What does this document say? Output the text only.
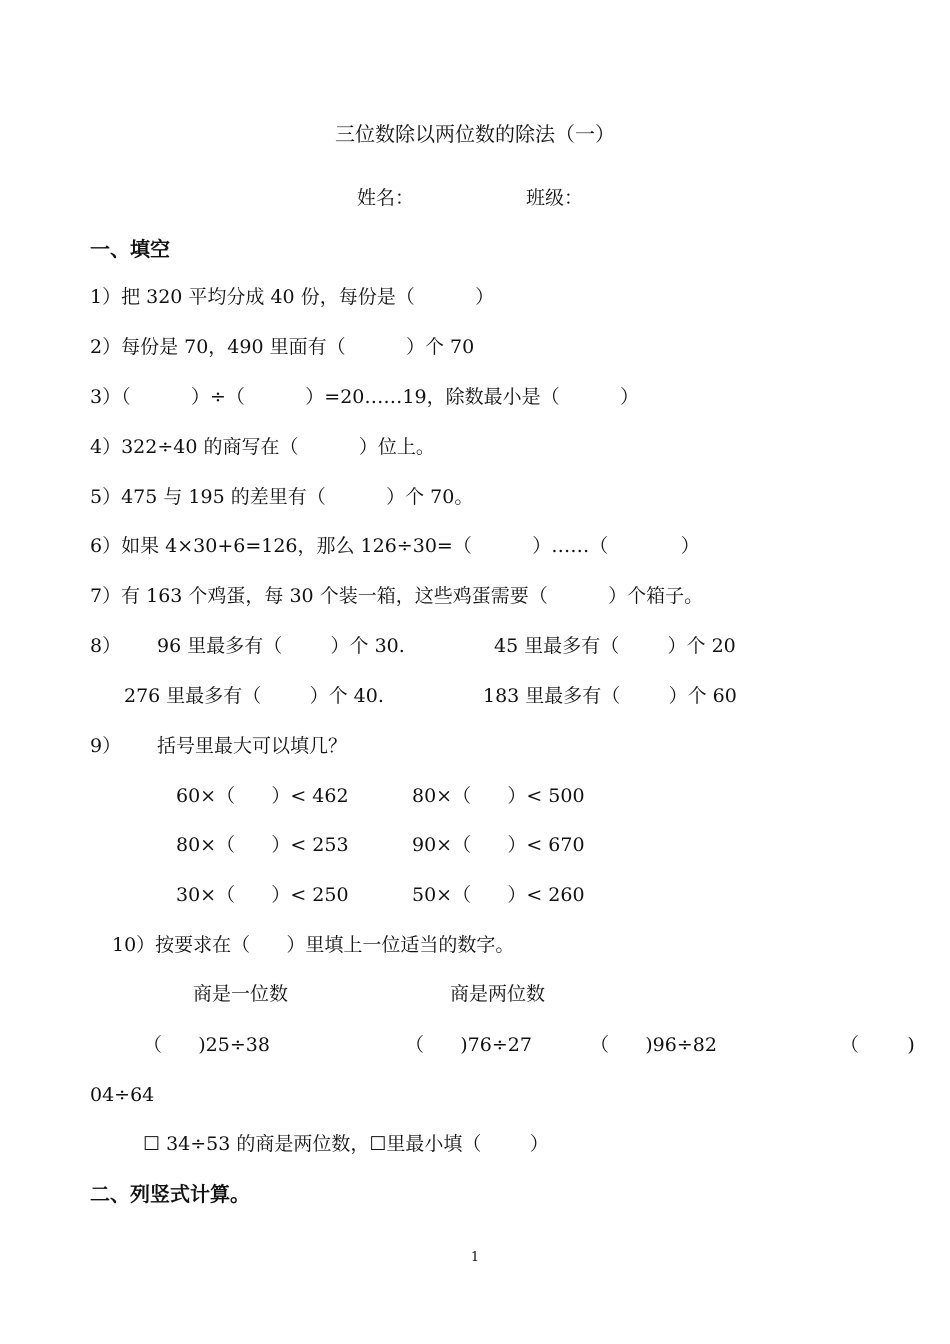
三位数除以两位数的除法（一）
姓名：	班级：
一、填空
1）把 320 平均分成 40 份，每份是（          ）
2）每份是 70，490 里面有（          ）个 70
3）（          ）÷（          ）=20……19，除数最小是（          ）
4）322÷40 的商写在（          ）位上。
5）475 与 195 的差里有（          ）个 70。
6）如果 4×30+6=126，那么 126÷30=（          ）……（            ）
7）有 163 个鸡蛋，每 30 个装一箱，这些鸡蛋需要（          ）个箱子。
8） 96 里最多有（        ）个 30.	45 里最多有（        ）个 20
276 里最多有（        ）个 40.	183 里最多有（        ）个 60
9） 括号里最大可以填几？
60×（      ）< 462	80×（      ）< 500
80×（      ）< 253	90×（      ）< 670
30×（      ）< 250	50×（      ）< 260
10）按要求在（      ）里填上一位适当的数字。
商是一位数	商是两位数
（      )25÷38	（      )76÷27	（      )96÷82	（        )
04÷64
☐ 34÷53 的商是两位数，☐里最小填（        ）
二、列竖式计算。
1
